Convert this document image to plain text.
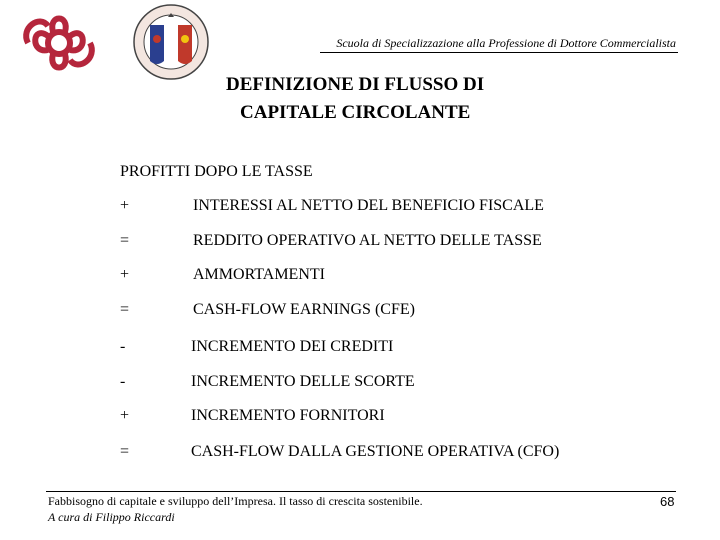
Scuola di Specializzazione alla Professione di Dottore Commercialista
DEFINIZIONE DI FLUSSO DI
CAPITALE CIRCOLANTE
PROFITTI DOPO LE TASSE
+	INTERESSI AL NETTO DEL BENEFICIO FISCALE
=	REDDITO OPERATIVO AL NETTO DELLE TASSE
+	AMMORTAMENTI
=	CASH-FLOW EARNINGS (CFE)
-	INCREMENTO DEI CREDITI
-	INCREMENTO DELLE SCORTE
+	INCREMENTO FORNITORI
=	CASH-FLOW DALLA GESTIONE OPERATIVA (CFO)
Fabbisogno di capitale e sviluppo dell’Impresa. Il tasso di crescita sostenibile.
A cura di Filippo Riccardi
68
